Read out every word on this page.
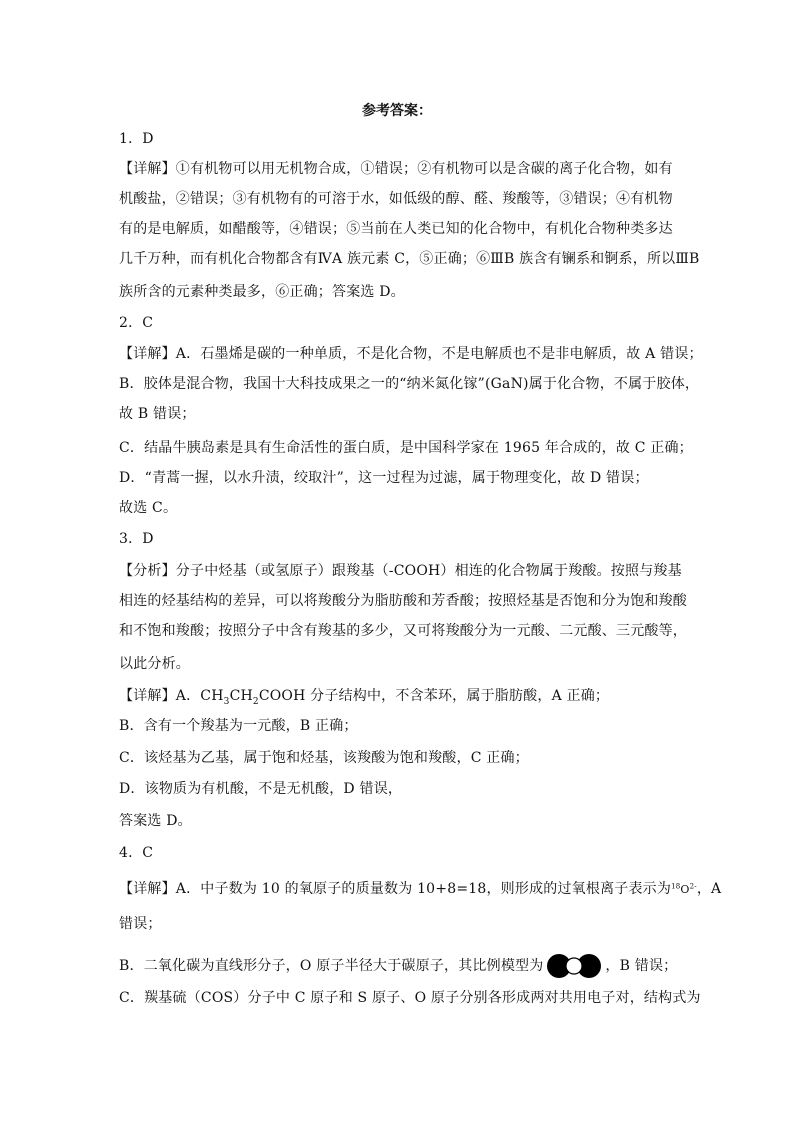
参考答案：
1．D
【详解】①有机物可以用无机物合成，①错误；②有机物可以是含碳的离子化合物，如有
机酸盐，②错误；③有机物有的可溶于水，如低级的醇、醛、羧酸等，③错误；④有机物
有的是电解质，如醋酸等，④错误；⑤当前在人类已知的化合物中，有机化合物种类多达
几千万种，而有机化合物都含有ⅣA 族元素 C，⑤正确；⑥ⅢB 族含有镧系和锕系，所以ⅢB
族所含的元素种类最多，⑥正确；答案选 D。
2．C
【详解】A．石墨烯是碳的一种单质，不是化合物，不是电解质也不是非电解质，故 A 错误；
B．胶体是混合物，我国十大科技成果之一的“纳米氮化镓”(GaN)属于化合物，不属于胶体，
故 B 错误；
C．结晶牛胰岛素是具有生命活性的蛋白质，是中国科学家在 1965 年合成的，故 C 正确；
D．“青蒿一握，以水升渍，绞取汁”，这一过程为过滤，属于物理变化，故 D 错误；
故选 C。
3．D
【分析】分子中烃基（或氢原子）跟羧基（-COOH）相连的化合物属于羧酸。按照与羧基
相连的烃基结构的差异，可以将羧酸分为脂肪酸和芳香酸；按照烃基是否饱和分为饱和羧酸
和不饱和羧酸；按照分子中含有羧基的多少，又可将羧酸分为一元酸、二元酸、三元酸等，
以此分析。
【详解】A．$CH_3CH_2COOH$ 分子结构中，不含苯环，属于脂肪酸，A 正确；
B．含有一个羧基为一元酸，B 正确；
C．该烃基为乙基，属于饱和烃基，该羧酸为饱和羧酸，C 正确；
D．该物质为有机酸，不是无机酸，D 错误，
答案选 D。
4．C
【详解】A．中子数为 10 的氧原子的质量数为 10+8=18，则形成的过氧根离子表示为$^{18}O^{2-}$，A
错误；
B．二氧化碳为直线形分子，O 原子半径大于碳原子，其比例模型为	，B 错误；
C．羰基硫（COS）分子中 C 原子和 S 原子、O 原子分别各形成两对共用电子对，结构式为
